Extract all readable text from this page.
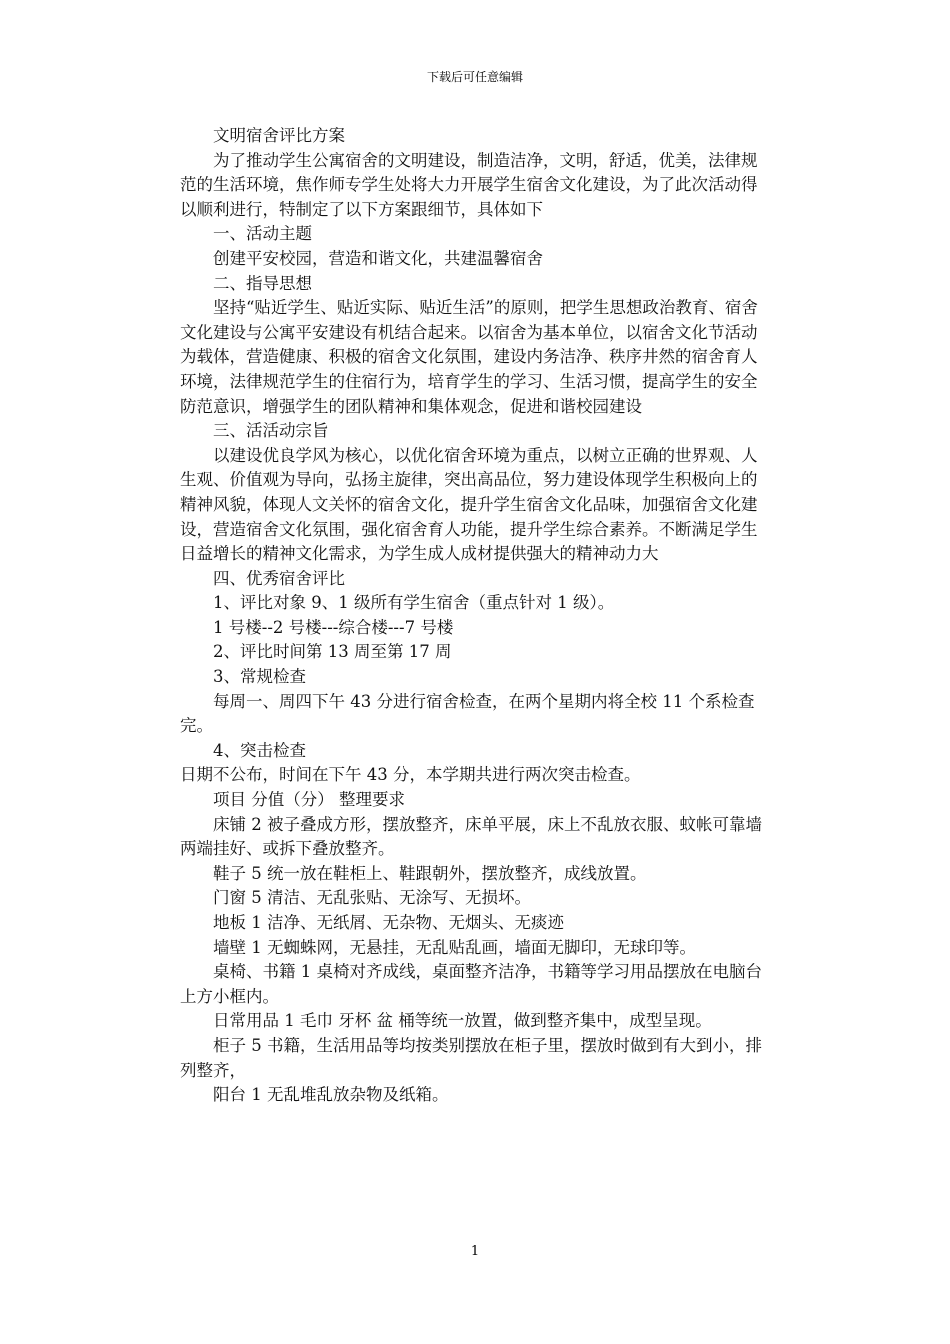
下载后可任意编辑

文明宿舍评比方案

为了推动学生公寓宿舍的文明建设，制造洁净，文明，舒适，优美，法律规范的生活环境，焦作师专学生处将大力开展学生宿舍文化建设，为了此次活动得以顺利进行，特制定了以下方案跟细节，具体如下

一、活动主题

创建平安校园，营造和谐文化，共建温馨宿舍

二、指导思想

坚持“贴近学生、贴近实际、贴近生活”的原则，把学生思想政治教育、宿舍文化建设与公寓平安建设有机结合起来。以宿舍为基本单位，以宿舍文化节活动为载体，营造健康、积极的宿舍文化氛围，建设内务洁净、秩序井然的宿舍育人环境，法律规范学生的住宿行为，培育学生的学习、生活习惯，提高学生的安全防范意识，增强学生的团队精神和集体观念，促进和谐校园建设

三、活活动宗旨

以建设优良学风为核心，以优化宿舍环境为重点，以树立正确的世界观、人生观、价值观为导向，弘扬主旋律，突出高品位，努力建设体现学生积极向上的精神风貌，体现人文关怀的宿舍文化，提升学生宿舍文化品味，加强宿舍文化建设，营造宿舍文化氛围，强化宿舍育人功能，提升学生综合素养。不断满足学生日益增长的精神文化需求，为学生成人成材提供强大的精神动力大

四、优秀宿舍评比

1、评比对象 9、1 级所有学生宿舍（重点针对 1 级）。

1 号楼--2 号楼---综合楼---7 号楼

2、评比时间第 13 周至第 17 周

3、常规检查

每周一、周四下午 43 分进行宿舍检查，在两个星期内将全校 11 个系检查完。

4、突击检查

日期不公布，时间在下午 43 分，本学期共进行两次突击检查。

项目 分值（分） 整理要求

床铺 2 被子叠成方形，摆放整齐，床单平展，床上不乱放衣服、蚊帐可靠墙两端挂好、或拆下叠放整齐。

鞋子 5 统一放在鞋柜上、鞋跟朝外，摆放整齐，成线放置。

门窗 5 清洁、无乱张贴、无涂写、无损坏。

地板 1 洁净、无纸屑、无杂物、无烟头、无痰迹

墙壁 1 无蜘蛛网，无悬挂，无乱贴乱画，墙面无脚印，无球印等。

桌椅、书籍 1 桌椅对齐成线，桌面整齐洁净，书籍等学习用品摆放在电脑台上方小框内。

日常用品 1 毛巾 牙杯 盆 桶等统一放置，做到整齐集中，成型呈现。

柜子 5 书籍，生活用品等均按类别摆放在柜子里，摆放时做到有大到小，排列整齐，

阳台 1 无乱堆乱放杂物及纸箱。

1
